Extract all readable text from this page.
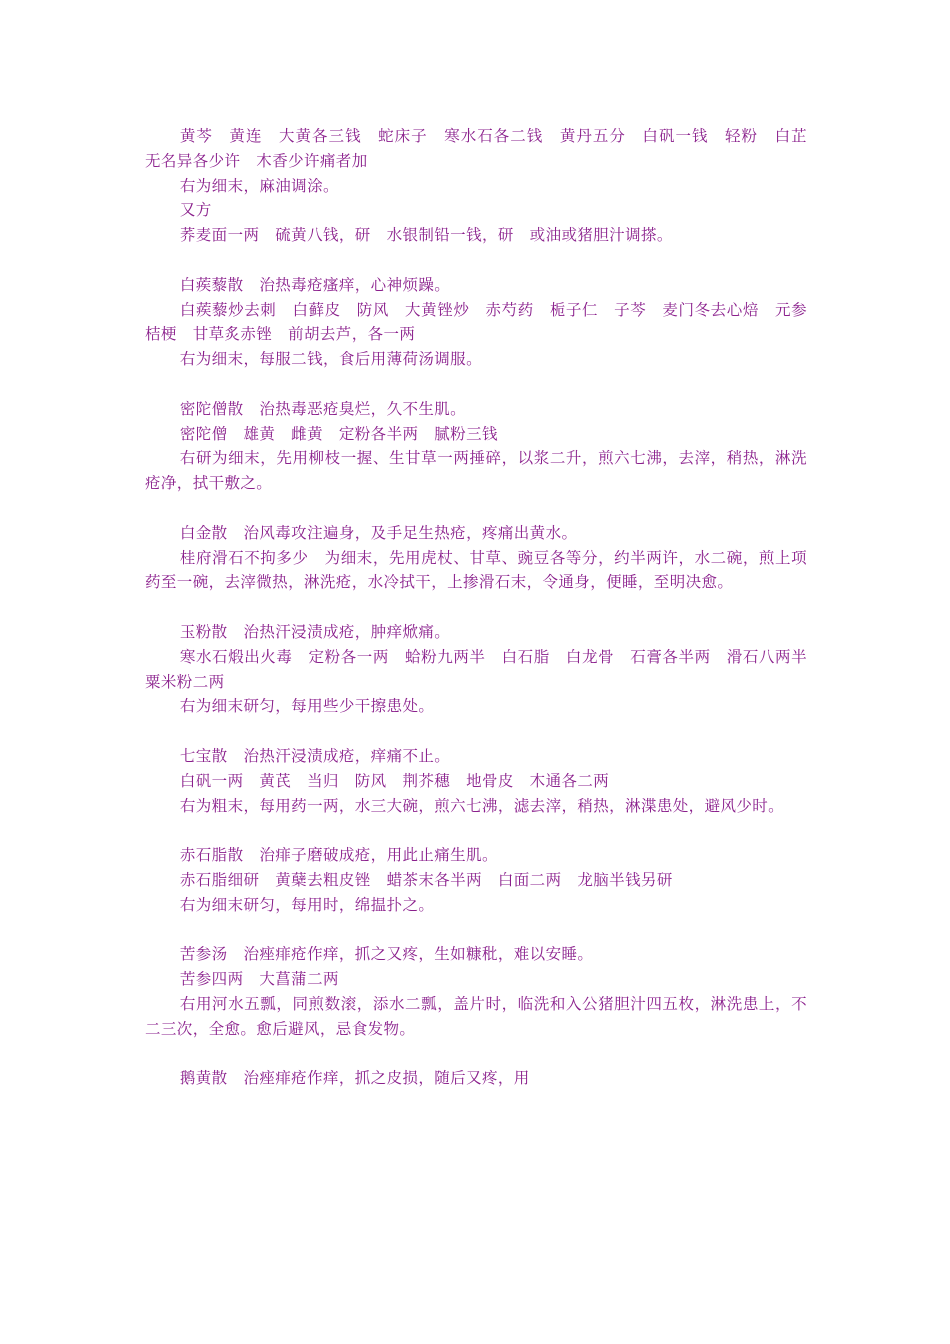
黄芩　黄连　大黄各三钱　蛇床子　寒水石各二钱　黄丹五分　白矾一钱　轻粉　白芷　无名异各少许　木香少许痛者加

右为细末，麻油调涂。

又方

荞麦面一两　硫黄八钱，研　水银制铅一钱，研　或油或猪胆汁调搽。

白蒺藜散　治热毒疮瘙痒，心神烦躁。

白蒺藜炒去刺　白藓皮　防风　大黄锉炒　赤芍药　栀子仁　子芩　麦门冬去心焙　元参　桔梗　甘草炙赤锉　前胡去芦，各一两

右为细末，每服二钱，食后用薄荷汤调服。

密陀僧散　治热毒恶疮臭烂，久不生肌。

密陀僧　雄黄　雌黄　定粉各半两　腻粉三钱

右研为细末，先用柳枝一握、生甘草一两捶碎，以浆二升，煎六七沸，去滓，稍热，淋洗疮净，拭干敷之。

白金散　治风毒攻注遍身，及手足生热疮，疼痛出黄水。

桂府滑石不拘多少　为细末，先用虎杖、甘草、豌豆各等分，约半两许，水二碗，煎上项药至一碗，去滓微热，淋洗疮，水冷拭干，上掺滑石末，令通身，便睡，至明决愈。

玉粉散　治热汗浸渍成疮，肿痒焮痛。

寒水石煅出火毒　定粉各一两　蛤粉九两半　白石脂　白龙骨　石膏各半两　滑石八两半　粟米粉二两

右为细末研匀，每用些少干擦患处。

七宝散　治热汗浸渍成疮，痒痛不止。

白矾一两　黄芪　当归　防风　荆芥穗　地骨皮　木通各二两

右为粗末，每用药一两，水三大碗，煎六七沸，滤去滓，稍热，淋渫患处，避风少时。

赤石脂散　治痱子磨破成疮，用此止痛生肌。

赤石脂细研　黄蘖去粗皮锉　蜡茶末各半两　白面二两　龙脑半钱另研

右为细末研匀，每用时，绵揾扑之。

苦参汤　治痤痱疮作痒，抓之又疼，生如糠秕，难以安睡。

苦参四两　大菖蒲二两

右用河水五瓢，同煎数滚，添水二瓢，盖片时，临洗和入公猪胆汁四五枚，淋洗患上，不二三次，全愈。愈后避风，忌食发物。

鹅黄散　治痤痱疮作痒，抓之皮损，随后又疼，用
